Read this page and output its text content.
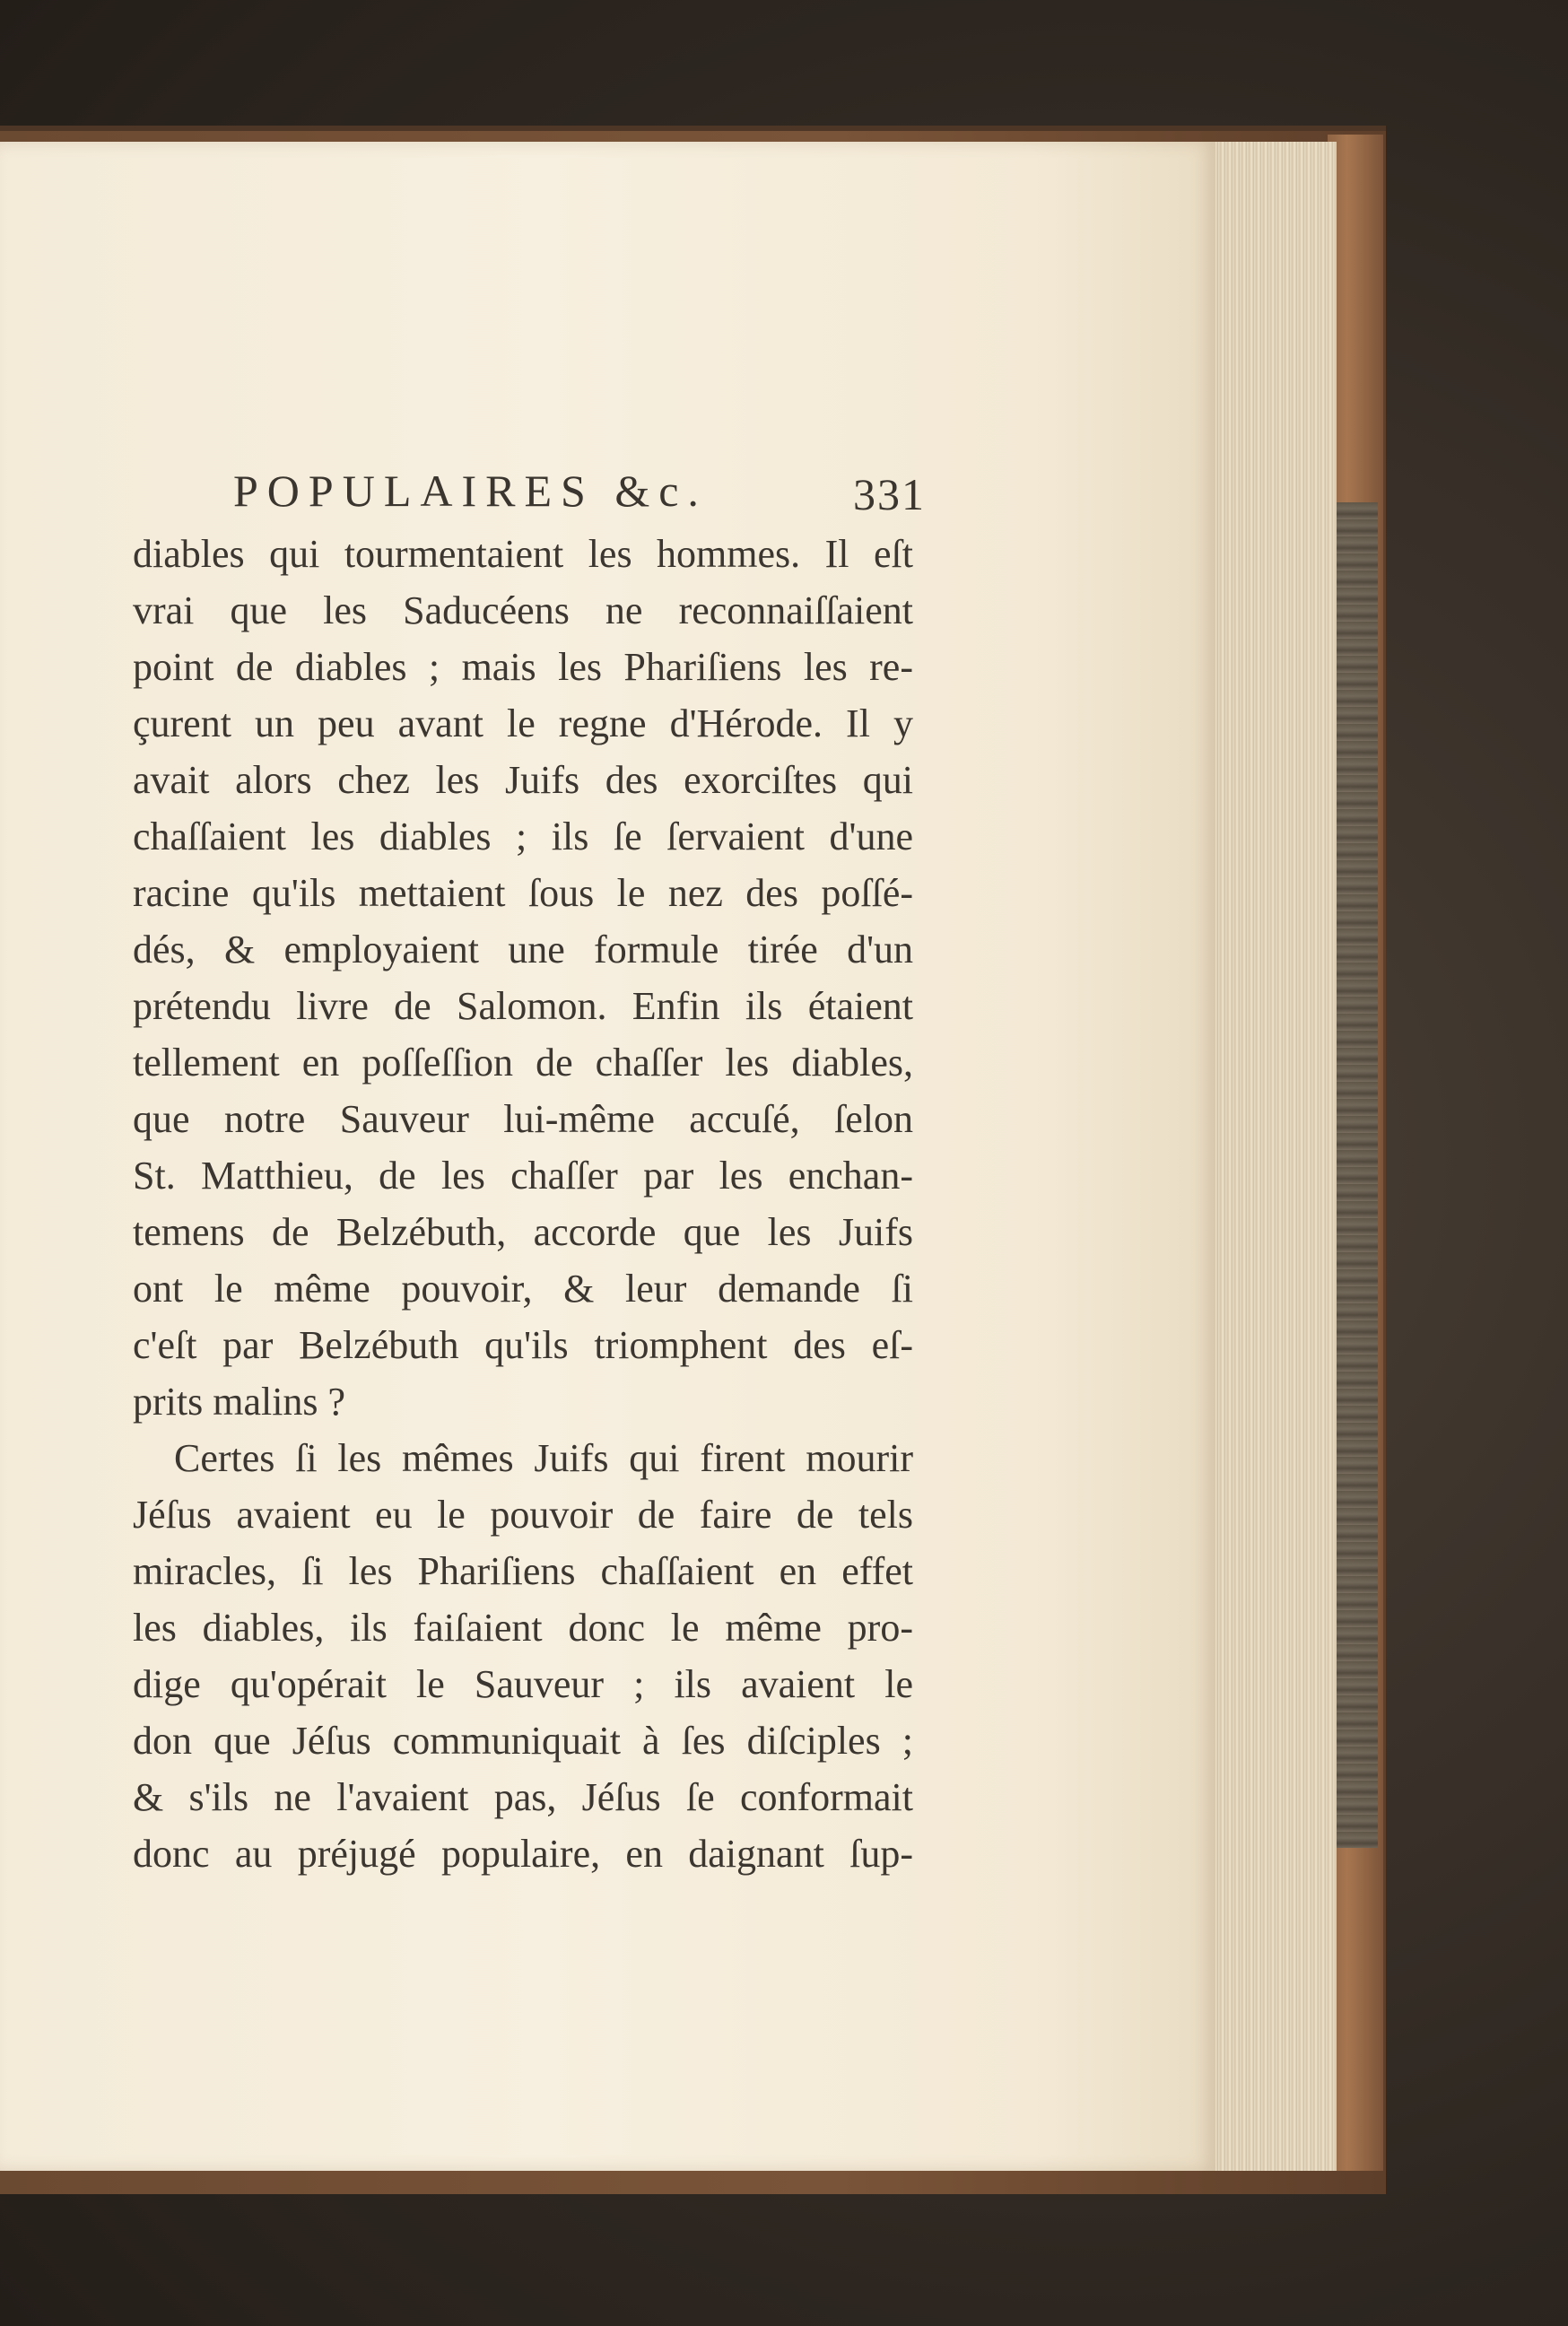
POPULAIRES &c.	331
diables qui tourmentaient les hommes. Il eſt
vrai que les Saducéens ne reconnaiſſaient
point de diables ; mais les Phariſiens les re-
çurent un peu avant le regne d'Hérode. Il y
avait alors chez les Juifs des exorciſtes qui
chaſſaient les diables ; ils ſe ſervaient d'une
racine qu'ils mettaient ſous le nez des poſſé-
dés, & employaient une formule tirée d'un
prétendu livre de Salomon. Enfin ils étaient
tellement en poſſeſſion de chaſſer les diables,
que notre Sauveur lui-même accuſé, ſelon
St. Matthieu, de les chaſſer par les enchan-
temens de Belzébuth, accorde que les Juifs
ont le même pouvoir, & leur demande ſi
c'eſt par Belzébuth qu'ils triomphent des eſ-
prits malins ?
Certes ſi les mêmes Juifs qui firent mourir
Jéſus avaient eu le pouvoir de faire de tels
miracles, ſi les Phariſiens chaſſaient en effet
les diables, ils faiſaient donc le même pro-
dige qu'opérait le Sauveur ; ils avaient le
don que Jéſus communiquait à ſes diſciples ;
& s'ils ne l'avaient pas, Jéſus ſe conformait
donc au préjugé populaire, en daignant ſup-
